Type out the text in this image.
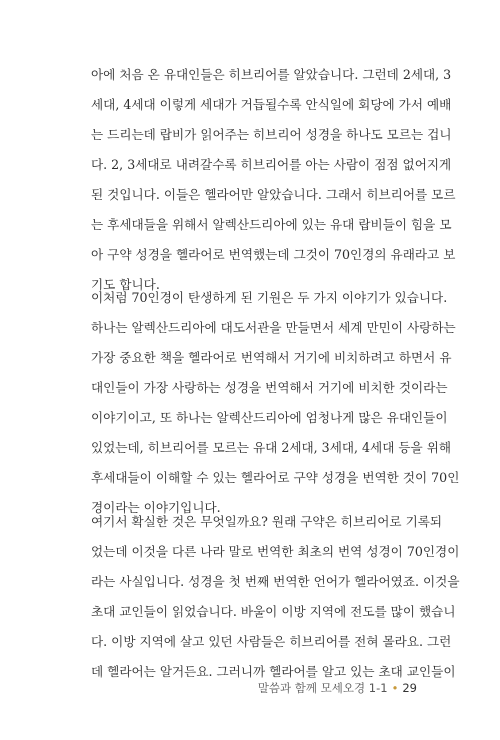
아에 처음 온 유대인들은 히브리어를 알았습니다. 그런데 2세대, 3
세대, 4세대 이렇게 세대가 거듭될수록 안식일에 회당에 가서 예배
는 드리는데 랍비가 읽어주는 히브리어 성경을 하나도 모르는 겁니
다. 2, 3세대로 내려갈수록 히브리어를 아는 사람이 점점 없어지게
된 것입니다. 이들은 헬라어만 알았습니다. 그래서 히브리어를 모르
는 후세대들을 위해서 알렉산드리아에 있는 유대 랍비들이 힘을 모
아 구약 성경을 헬라어로 번역했는데 그것이 70인경의 유래라고 보
기도 합니다.
이처럼 70인경이 탄생하게 된 기원은 두 가지 이야기가 있습니다.
하나는 알렉산드리아에 대도서관을 만들면서 세계 만민이 사랑하는
가장 중요한 책을 헬라어로 번역해서 거기에 비치하려고 하면서 유
대인들이 가장 사랑하는 성경을 번역해서 거기에 비치한 것이라는
이야기이고, 또 하나는 알렉산드리아에 엄청나게 많은 유대인들이
있었는데, 히브리어를 모르는 유대 2세대, 3세대, 4세대 등을 위해
후세대들이 이해할 수 있는 헬라어로 구약 성경을 번역한 것이 70인
경이라는 이야기입니다.
여기서 확실한 것은 무엇일까요? 원래 구약은 히브리어로 기록되
었는데 이것을 다른 나라 말로 번역한 최초의 번역 성경이 70인경이
라는 사실입니다. 성경을 첫 번째 번역한 언어가 헬라어였죠. 이것을
초대 교인들이 읽었습니다. 바울이 이방 지역에 전도를 많이 했습니
다. 이방 지역에 살고 있던 사람들은 히브리어를 전혀 몰라요. 그런
데 헬라어는 알거든요. 그러니까 헬라어를 알고 있는 초대 교인들이
말씀과 함께 모세오경 1-1 • 29
